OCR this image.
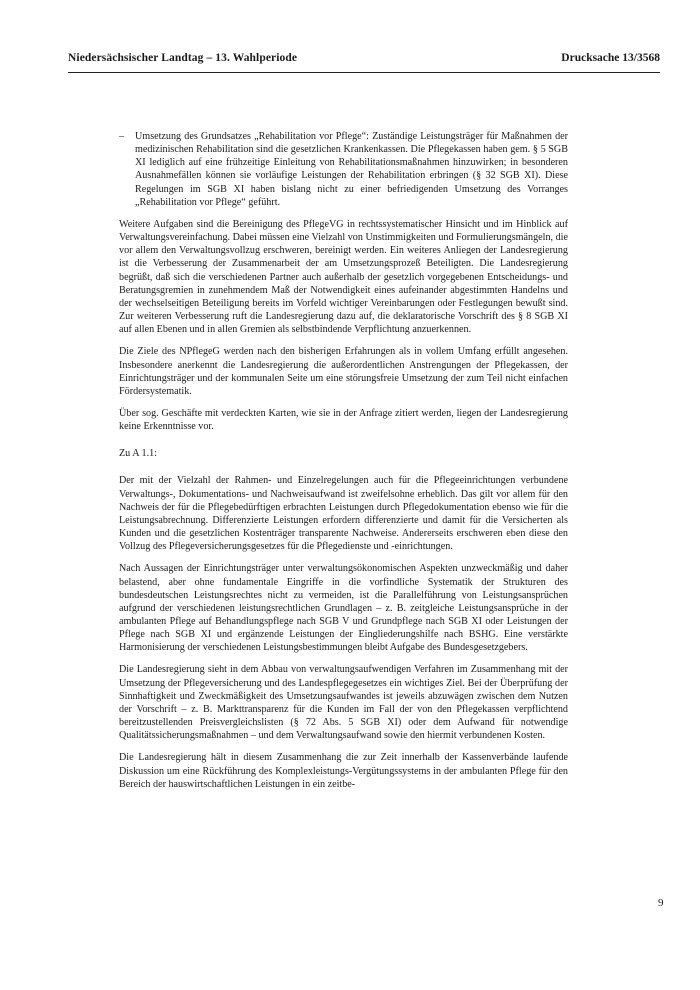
Niedersächsischer Landtag – 13. Wahlperiode	Drucksache 13/3568
– Umsetzung des Grundsatzes „Rehabilitation vor Pflege“: Zuständige Leistungsträger für Maßnahmen der medizinischen Rehabilitation sind die gesetzlichen Krankenkassen. Die Pflegekassen haben gem. § 5 SGB XI lediglich auf eine frühzeitige Einleitung von Rehabilitationsmaßnahmen hinzuwirken; in besonderen Ausnahmefällen können sie vorläufige Leistungen der Rehabilitation erbringen (§ 32 SGB XI). Diese Regelungen im SGB XI haben bislang nicht zu einer befriedigenden Umsetzung des Vorranges „Rehabilitation vor Pflege“ geführt.

Weitere Aufgaben sind die Bereinigung des PflegeVG in rechtssystematischer Hinsicht und im Hinblick auf Verwaltungsvereinfachung. Dabei müssen eine Vielzahl von Unstimmigkeiten und Formulierungsmängeln, die vor allem den Verwaltungsvollzug erschweren, bereinigt werden. Ein weiteres Anliegen der Landesregierung ist die Verbesserung der Zusammenarbeit der am Umsetzungsprozeß Beteiligten. Die Landesregierung begrüßt, daß sich die verschiedenen Partner auch außerhalb der gesetzlich vorgegebenen Entscheidungs- und Beratungsgremien in zunehmendem Maß der Notwendigkeit eines aufeinander abgestimmten Handelns und der wechselseitigen Beteiligung bereits im Vorfeld wichtiger Vereinbarungen oder Festlegungen bewußt sind. Zur weiteren Verbesserung ruft die Landesregierung dazu auf, die deklaratorische Vorschrift des § 8 SGB XI auf allen Ebenen und in allen Gremien als selbstbindende Verpflichtung anzuerkennen.

Die Ziele des NPflegeG werden nach den bisherigen Erfahrungen als in vollem Umfang erfüllt angesehen. Insbesondere anerkennt die Landesregierung die außerordentlichen Anstrengungen der Pflegekassen, der Einrichtungsträger und der kommunalen Seite um eine störungsfreie Umsetzung der zum Teil nicht einfachen Fördersystematik.

Über sog. Geschäfte mit verdeckten Karten, wie sie in der Anfrage zitiert werden, liegen der Landesregierung keine Erkenntnisse vor.

Zu A 1.1:

Der mit der Vielzahl der Rahmen- und Einzelregelungen auch für die Pflegeeinrichtungen verbundene Verwaltungs-, Dokumentations- und Nachweisaufwand ist zweifelsohne erheblich. Das gilt vor allem für den Nachweis der für die Pflegebedürftigen erbrachten Leistungen durch Pflegedokumentation ebenso wie für die Leistungsabrechnung. Differenzierte Leistungen erfordern differenzierte und damit für die Versicherten als Kunden und die gesetzlichen Kostenträger transparente Nachweise. Andererseits erschweren eben diese den Vollzug des Pflegeversicherungsgesetzes für die Pflegedienste und -einrichtungen.

Nach Aussagen der Einrichtungsträger unter verwaltungsökonomischen Aspekten unzweckmäßig und daher belastend, aber ohne fundamentale Eingriffe in die vorfindliche Systematik der Strukturen des bundesdeutschen Leistungsrechtes nicht zu vermeiden, ist die Parallelführung von Leistungsansprüchen aufgrund der verschiedenen leistungsrechtlichen Grundlagen – z. B. zeitgleiche Leistungsansprüche in der ambulanten Pflege auf Behandlungspflege nach SGB V und Grundpflege nach SGB XI oder Leistungen der Pflege nach SGB XI und ergänzende Leistungen der Eingliederungshilfe nach BSHG. Eine verstärkte Harmonisierung der verschiedenen Leistungsbestimmungen bleibt Aufgabe des Bundesgesetzgebers.

Die Landesregierung sieht in dem Abbau von verwaltungsaufwendigen Verfahren im Zusammenhang mit der Umsetzung der Pflegeversicherung und des Landespflegegesetzes ein wichtiges Ziel. Bei der Überprüfung der Sinnhaftigkeit und Zweckmäßigkeit des Umsetzungsaufwandes ist jeweils abzuwägen zwischen dem Nutzen der Vorschrift – z. B. Markttransparenz für die Kunden im Fall der von den Pflegekassen verpflichtend bereitzustellenden Preisvergleichslisten (§ 72 Abs. 5 SGB XI) oder dem Aufwand für notwendige Qualitätssicherungsmaßnahmen – und dem Verwaltungsaufwand sowie den hiermit verbundenen Kosten.

Die Landesregierung hält in diesem Zusammenhang die zur Zeit innerhalb der Kassenverbände laufende Diskussion um eine Rückführung des Komplexleistungs-Vergütungssystems in der ambulanten Pflege für den Bereich der hauswirtschaftlichen Leistungen in ein zeitbe-

9
